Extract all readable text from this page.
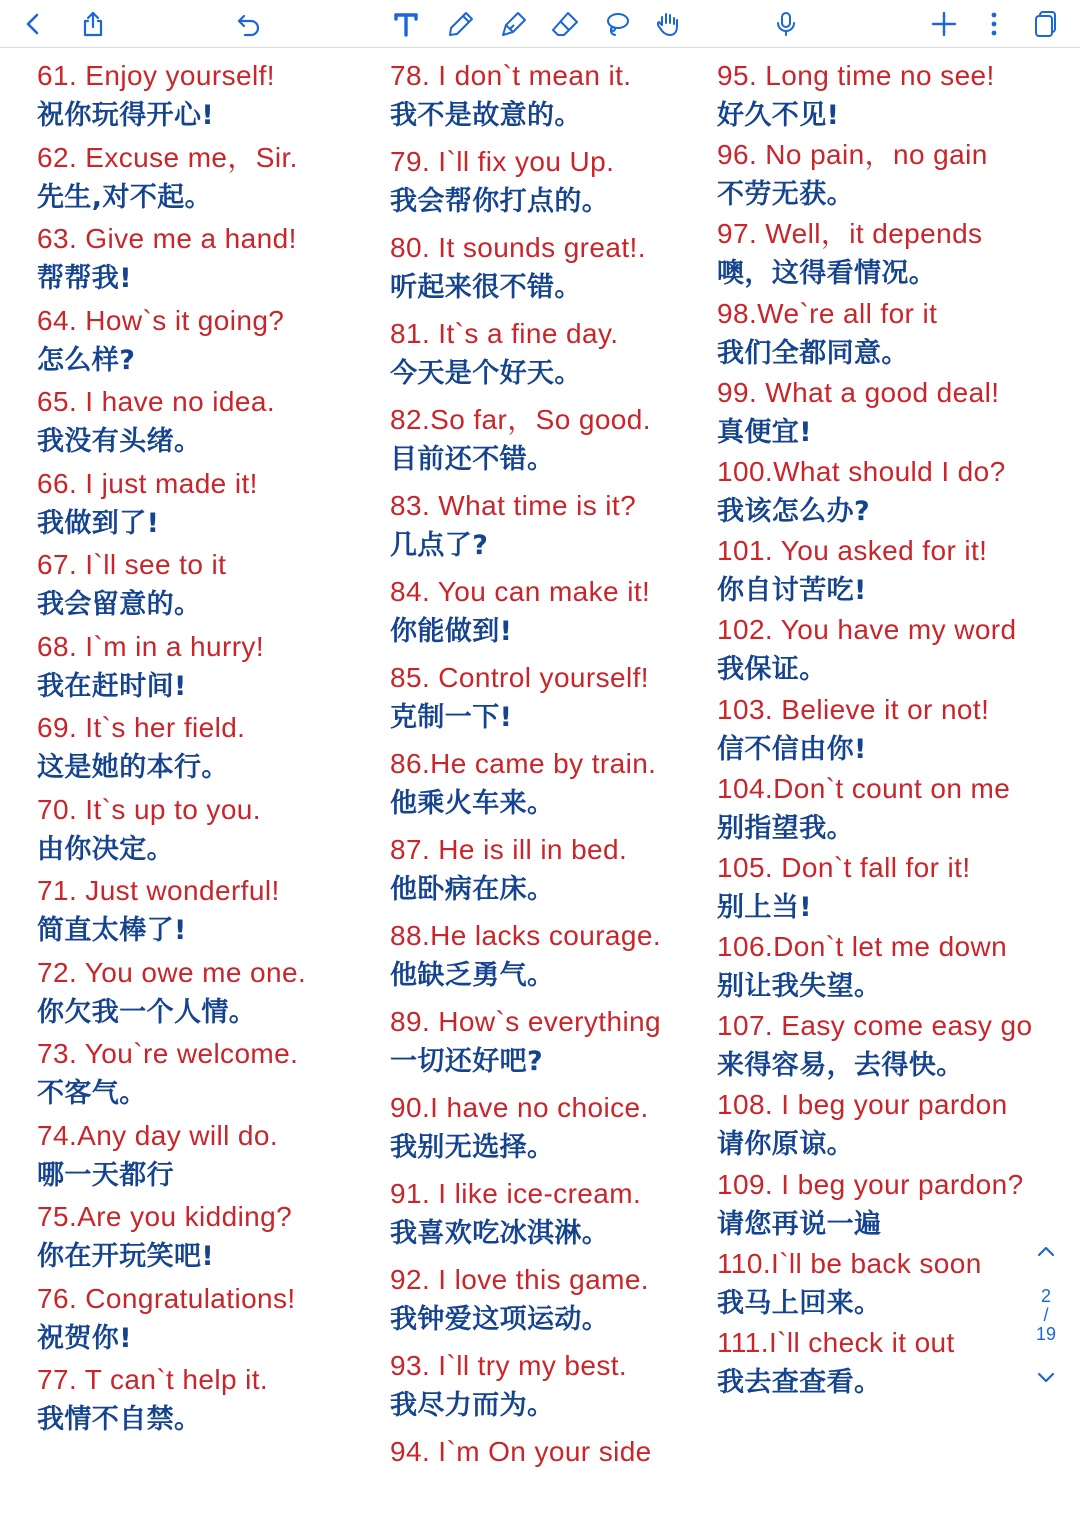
61. Enjoy yourself!
祝你玩得开心!
62. Excuse me，Sir.
先生,对不起。
63. Give me a hand!
帮帮我!
64. How`s it going?
怎么样?
65. I have no idea.
我没有头绪。
66. I just made it!
我做到了!
67. I`ll see to it
我会留意的。
68. I`m in a hurry!
我在赶时间!
69. It`s her field.
这是她的本行。
70. It`s up to you.
由你决定。
71. Just wonderful!
简直太棒了!
72. You owe me one.
你欠我一个人情。
73. You`re welcome.
不客气。
74.Any day will do.
哪一天都行
75.Are you kidding?
你在开玩笑吧!
76. Congratulations!
祝贺你!
77. T can`t help it.
我情不自禁。
78. I don`t mean it.
我不是故意的。
79. I`ll fix you Up.
我会帮你打点的。
80. It sounds great!.
听起来很不错。
81. It`s a fine day.
今天是个好天。
82.So far，So good.
目前还不错。
83. What time is it?
几点了?
84. You can make it!
你能做到!
85. Control yourself!
克制一下!
86.He came by train.
他乘火车来。
87. He is ill in bed.
他卧病在床。
88.He lacks courage.
他缺乏勇气。
89. How`s everything
一切还好吧?
90.I have no choice.
我别无选择。
91. I like ice-cream.
我喜欢吃冰淇淋。
92. I love this game.
我钟爱这项运动。
93. I`ll try my best.
我尽力而为。
94. I`m On your side
95. Long time no see!
好久不见!
96. No pain，no gain
不劳无获。
97. Well，it depends
噢，这得看情况。
98.We`re all for it
我们全都同意。
99. What a good deal!
真便宜!
100.What should I do?
我该怎么办?
101. You asked for it!
你自讨苦吃!
102. You have my word
我保证。
103. Believe it or not!
信不信由你!
104.Don`t count on me
别指望我。
105. Don`t fall for it!
别上当!
106.Don`t let me down
别让我失望。
107. Easy come easy go
来得容易，去得快。
108. I beg your pardon
请你原谅。
109. I beg your pardon?
请您再说一遍
110.I`ll be back soon
我马上回来。
111.I`ll check it out
我去查查看。
2
/
19
